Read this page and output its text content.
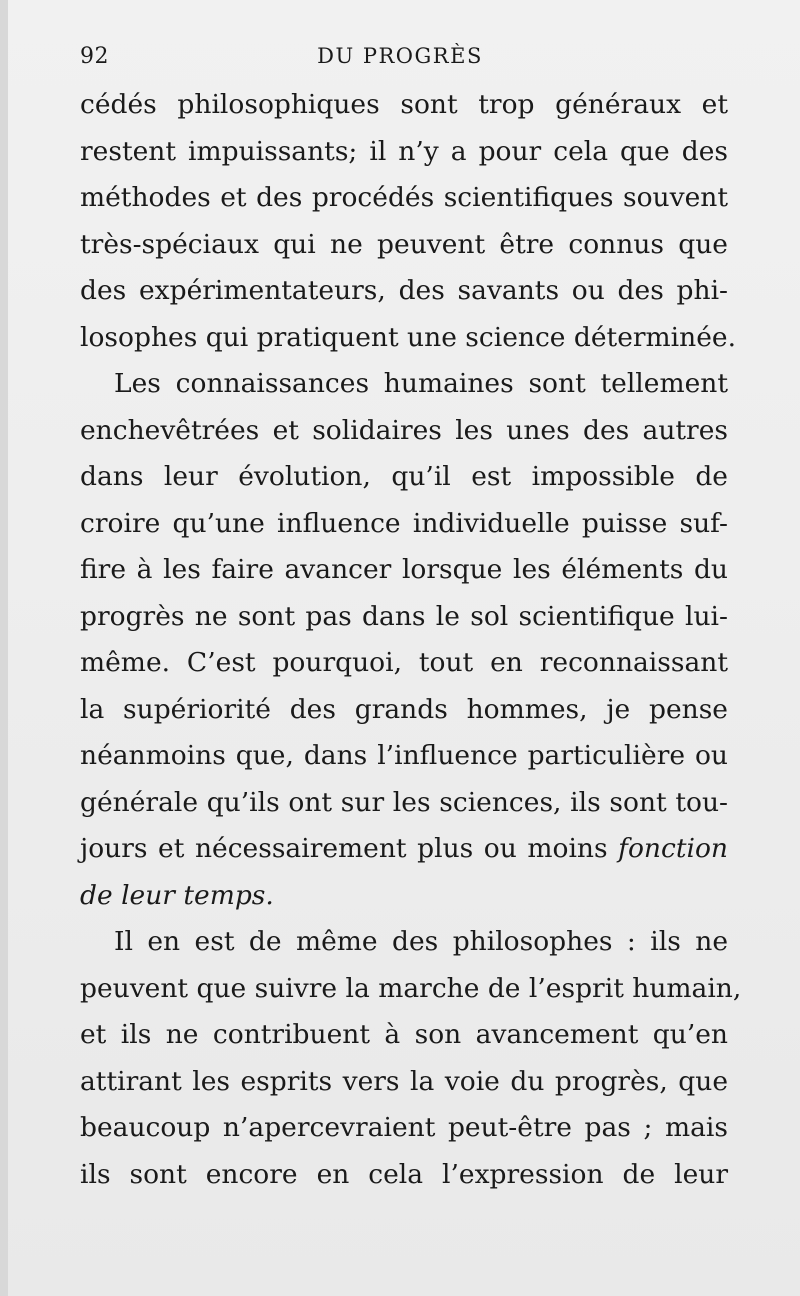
92	DU PROGRÈS
cédés philosophiques sont trop généraux et
restent impuissants; il n’y a pour cela que des
méthodes et des procédés scientifiques souvent
très-spéciaux qui ne peuvent être connus que
des expérimentateurs, des savants ou des phi-
losophes qui pratiquent une science déterminée.
Les connaissances humaines sont tellement
enchevêtrées et solidaires les unes des autres
dans leur évolution, qu’il est impossible de
croire qu’une influence individuelle puisse suf-
fire à les faire avancer lorsque les éléments du
progrès ne sont pas dans le sol scientifique lui-
même. C’est pourquoi, tout en reconnaissant
la supériorité des grands hommes, je pense
néanmoins que, dans l’influence particulière ou
générale qu’ils ont sur les sciences, ils sont tou-
jours et nécessairement plus ou moins fonction
de leur temps.
Il en est de même des philosophes : ils ne
peuvent que suivre la marche de l’esprit humain,
et ils ne contribuent à son avancement qu’en
attirant les esprits vers la voie du progrès, que
beaucoup n’apercevraient peut-être pas ; mais
ils sont encore en cela l’expression de leur
